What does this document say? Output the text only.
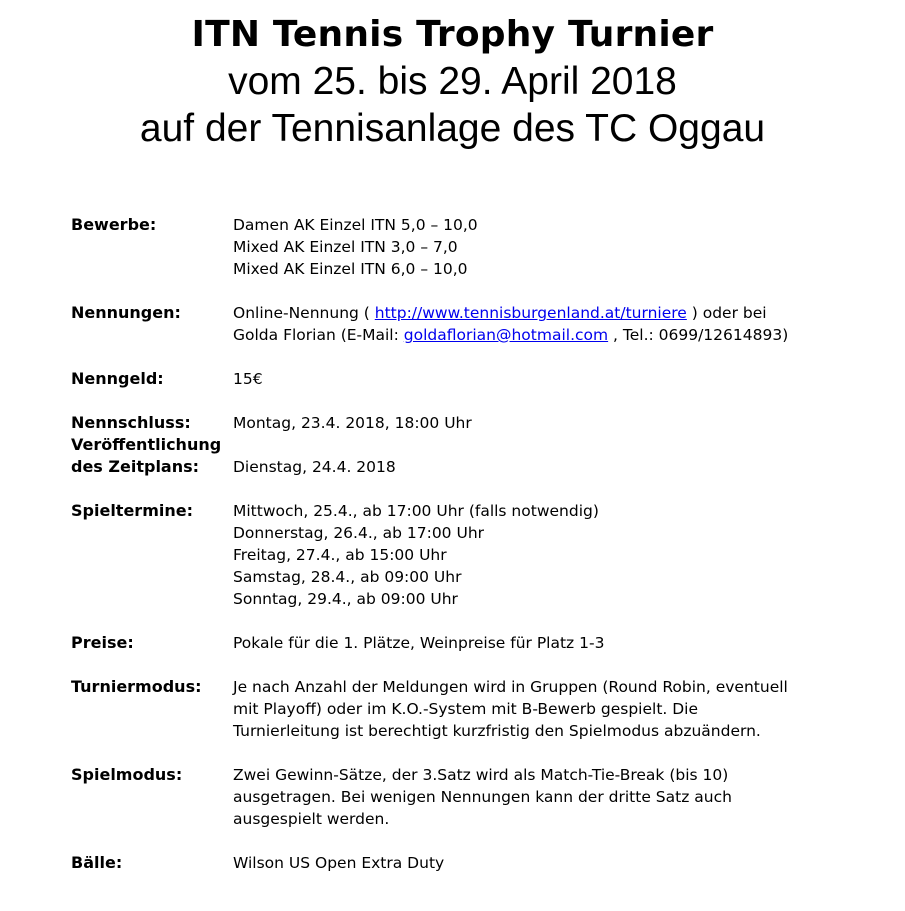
ITN Tennis Trophy Turnier
vom 25. bis 29. April 2018
auf der Tennisanlage des TC Oggau
Bewerbe:	Damen AK Einzel ITN 5,0 – 10,0
Mixed AK Einzel ITN 3,0 – 7,0
Mixed AK Einzel ITN 6,0 – 10,0
Nennungen:	Online-Nennung ( http://www.tennisburgenland.at/turniere ) oder bei
Golda Florian (E-Mail: goldaflorian@hotmail.com , Tel.: 0699/12614893)
Nenngeld:	15€
Nennschluss:	Montag, 23.4. 2018, 18:00 Uhr
Veröffentlichung
des Zeitplans:
	Dienstag, 24.4. 2018
Spieltermine:	Mittwoch, 25.4., ab 17:00 Uhr (falls notwendig)
Donnerstag, 26.4., ab 17:00 Uhr
Freitag, 27.4., ab 15:00 Uhr
Samstag, 28.4., ab 09:00 Uhr
Sonntag, 29.4., ab 09:00 Uhr
Preise:	Pokale für die 1. Plätze, Weinpreise für Platz 1-3
Turniermodus:	Je nach Anzahl der Meldungen wird in Gruppen (Round Robin, eventuell
mit Playoff) oder im K.O.-System mit B-Bewerb gespielt. Die
Turnierleitung ist berechtigt kurzfristig den Spielmodus abzuändern.
Spielmodus:	Zwei Gewinn-Sätze, der 3.Satz wird als Match-Tie-Break (bis 10)
ausgetragen. Bei wenigen Nennungen kann der dritte Satz auch
ausgespielt werden.
Bälle:	Wilson US Open Extra Duty
